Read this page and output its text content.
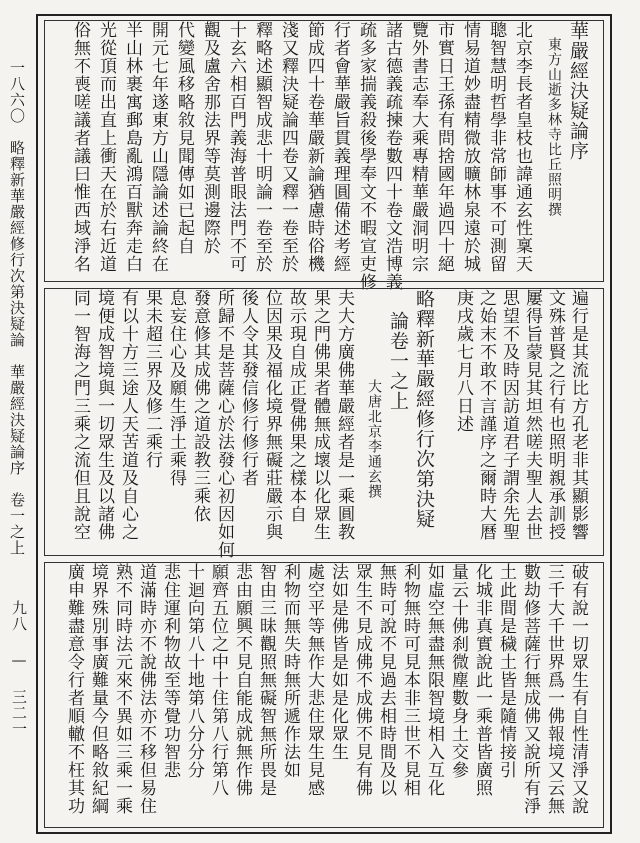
一八六〇　略釋新華嚴經修行次第決疑論　華嚴經決疑論序　卷一之上
九八 — 三二一
華嚴經決疑論序
東方山逝多林寺比丘照明撰
北京李長者皇枝也諱通玄性稟天
聰智慧明哲學非常師事不可測留
情易道妙盡精微放曠林泉遠於城
市實日王孫有問捨國年過四十絕
覽外書志奉大乘專精華嚴洞明宗
諸古德義疏揀卷數四十卷文浩博義
疏多家揣義殺後學奉文不暇宣吏修
行者會華嚴旨貫義理圓備述考經
節成四十卷華嚴新論猶慮時俗機
淺又釋決疑論四卷又釋一卷至於
釋略述顯智成悲十明論一卷至於
十玄六相百門義海普眼法門不可
觀及盧舍那法界等莫測邊際於
代變風移略敘見聞傳如已起自
開元七年遂東方山隱論述論終在
半山林裹寓郵島亂鴻百獸奔走白
光從頂而出直上衝天在於右近道
俗無不喪嗟議者議曰惟西域淨名
遍行是其流比方孔老非其顯影響
文殊普賢之行有也照明親承訓授
屢得旨蒙見其坦然嗟夫聖人去世
思望不及時因訪道君子謂余先聖
之始末不敢不言謹序之爾時大曆
庚戌歲七月八日述
略釋新華嚴經修行次第決疑
論卷一之上
大唐北京李通玄撰
夫大方廣佛華嚴經者是一乘圓教
果之門佛果者體無成壞以化眾生
故示現自成正覺佛果之樣本自
位因果及福化境界無礙莊嚴示與
後人令其發信修行修行者
所歸不是菩薩心於法發心初因如何
發意修其成佛之道設教三乘依
息妄住心及願生淨土乘得
果未超三界及修二乘行
有以十方三途人天苦道及自心之
境便成智境與一切眾生及以諸佛
同一智海之門三乘之流但且說空
破有說一切眾生有自性清淨又說
三千大千世界爲一佛報境又云無
數劫修菩薩行無成佛又說所有淨
土此間是穢土皆是隨情接引
化城非真實說此一乘普皆廣照
量云十佛刹微塵數身土交參
如虛空無盡無限智境相入互化
利物無時可見本非三世不見相
無時可說不見過去相時間及以
眾生不見成佛不成佛不見有佛
法如是佛皆是如是化眾生
處空平等無作大悲住眾生見感
利物而無失時無所遞作法如
智由三昧觀照無礙智無所畏是
悲由願興不見自能成就無作佛
願齊五位之中十住第八行第八
十迴向第八十地第八分分分
悲住運利物故至等覺功智悲
道滿時亦不說佛法亦不移但易住
熟不同時法元來不異如三乘一乘
境界殊別事廣難量今但略敘紀綱
廣申難盡意令行者順轍不枉其功
